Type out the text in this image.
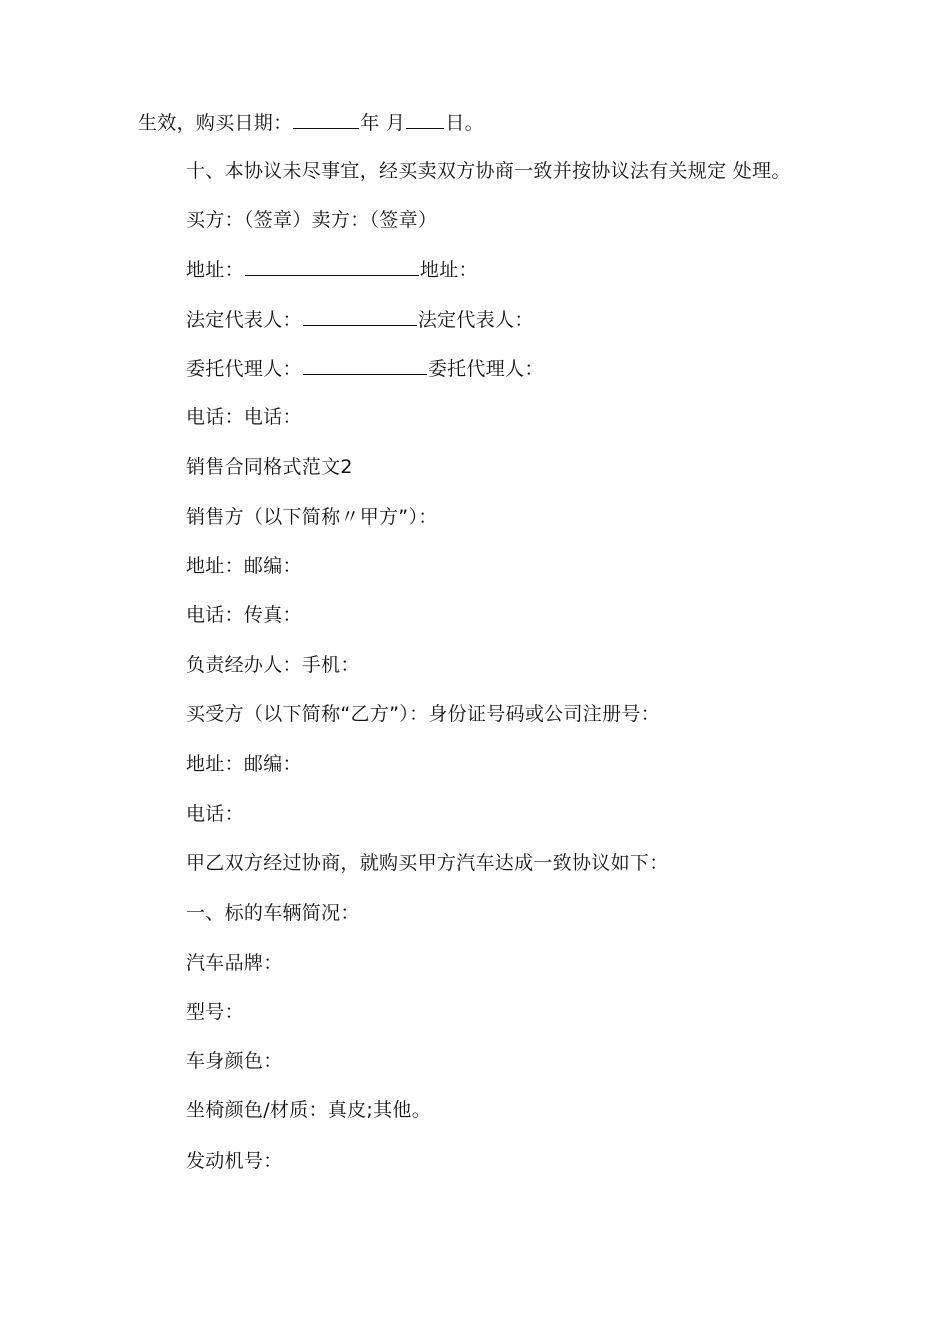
生效，购买日期：	年 月 日。
十、本协议未尽事宜，经买卖双方协商一致并按协议法有关规定 处理。
买方：（签章）卖方：（签章）
地址：	地址：
法定代表人：	法定代表人：
委托代理人：	委托代理人：
电话：电话：
销售合同格式范文2
销售方（以下简称〃甲方”）：
地址：邮编：
电话：传真：
负责经办人：手机：
买受方（以下简称“乙方”）：身份证号码或公司注册号：
地址：邮编：
电话：
甲乙双方经过协商，就购买甲方汽车达成一致协议如下：
一、标的车辆简况：
汽车品牌：
型号：
车身颜色：
坐椅颜色/材质：真皮;其他。
发动机号：
